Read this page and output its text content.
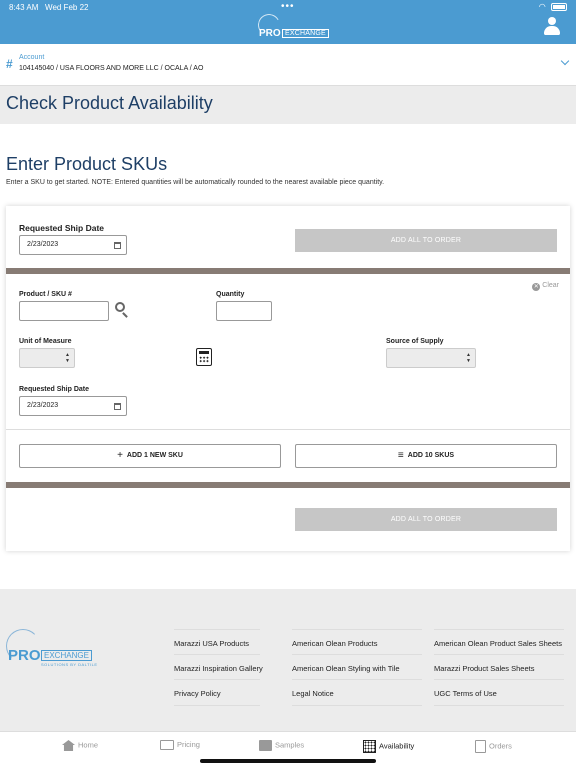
8:43 AM Wed Feb 22	•••	◠
PRO EXCHANGE
# Account
104145040 / USA FLOORS AND MORE LLC / OCALA / AO
Check Product Availability
Enter Product SKUs

Enter a SKU to get started. NOTE: Entered quantities will be automatically rounded to the nearest available piece quantity.

Requested Ship Date
2/23/2023
ADD ALL TO ORDER
✕ Clear
Product / SKU #	Quantity
Unit of Measure
▲
▼
Source of Supply
▲
▼
Requested Ship Date
2/23/2023
+ ADD 1 NEW SKU	≡ ADD 10 SKUS
ADD ALL TO ORDER
PRO EXCHANGE
SOLUTIONS BY DALTILE
Marazzi USA Products	American Olean Products	American Olean Product Sales Sheets
Marazzi Inspiration Gallery	American Olean Styling with Tile	Marazzi Product Sales Sheets
Privacy Policy	Legal Notice	UGC Terms of Use
Home	Pricing	Samples	Availability	Orders
